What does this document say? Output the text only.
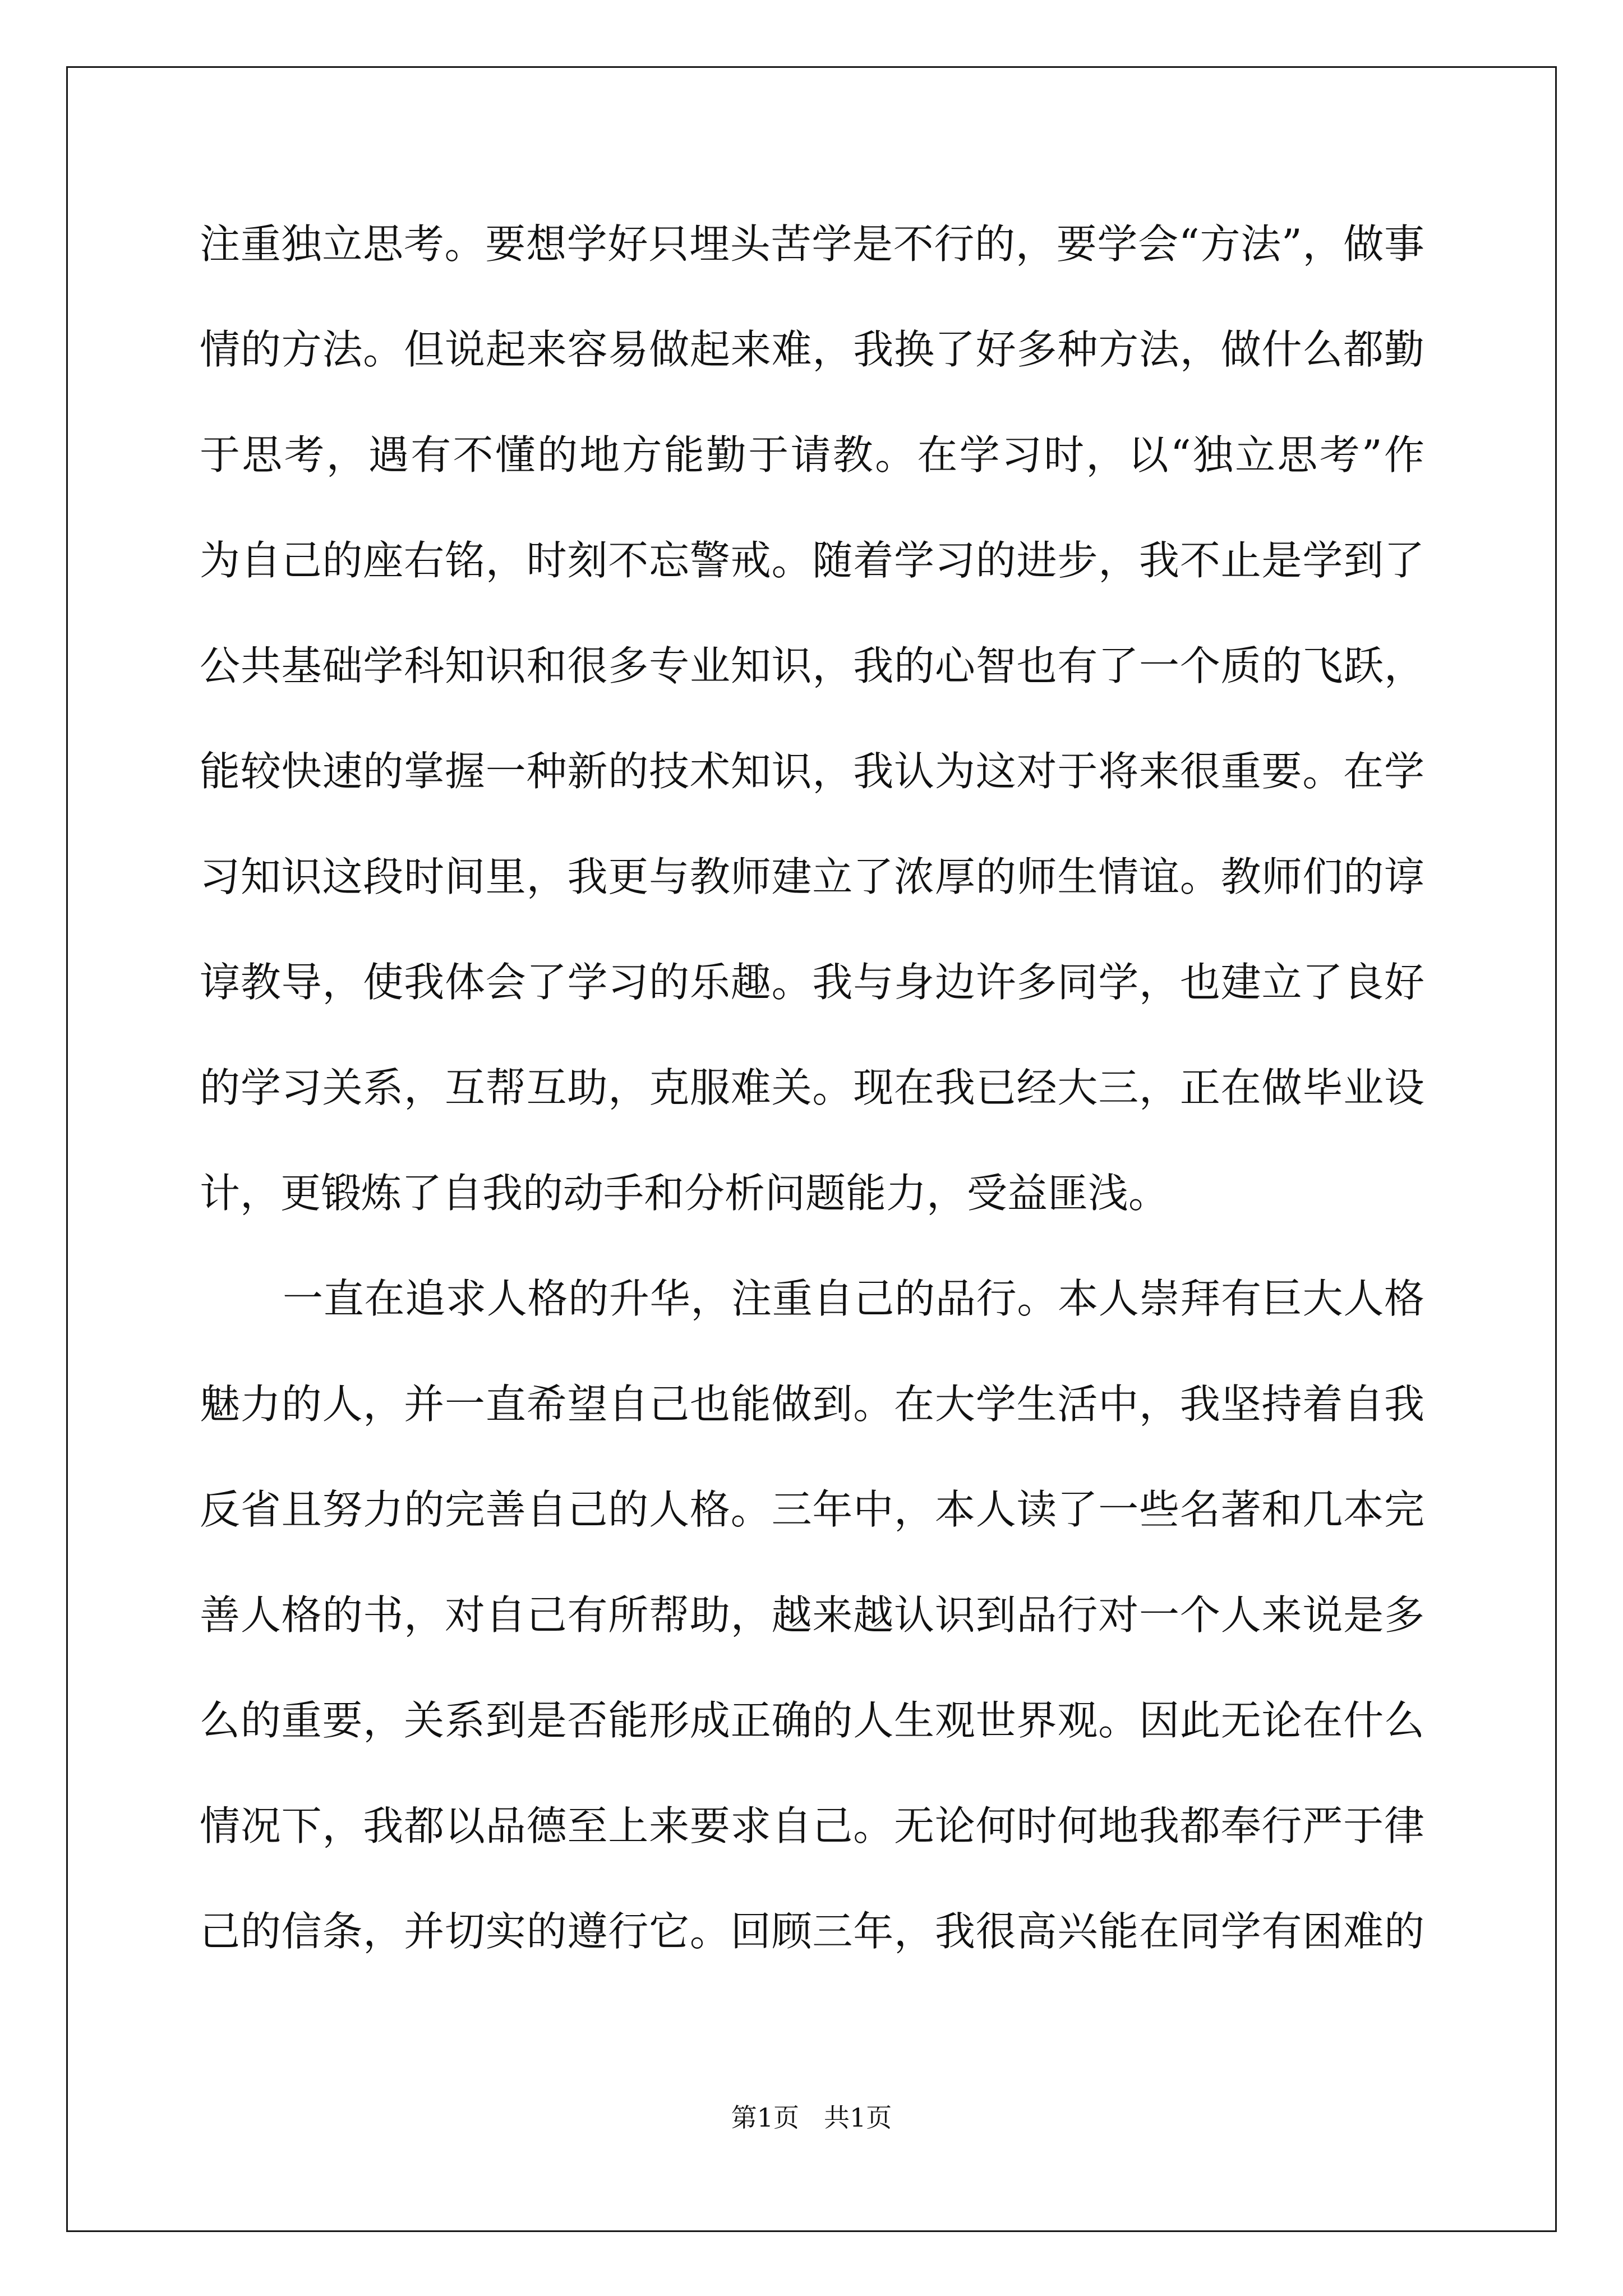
注重独立思考。要想学好只埋头苦学是不行的，要学会“方法”，做事
情的方法。但说起来容易做起来难，我换了好多种方法，做什么都勤
于思考，遇有不懂的地方能勤于请教。在学习时，以“独立思考”作
为自己的座右铭，时刻不忘警戒。随着学习的进步，我不止是学到了
公共基础学科知识和很多专业知识，我的心智也有了一个质的飞跃，
能较快速的掌握一种新的技术知识，我认为这对于将来很重要。在学
习知识这段时间里，我更与教师建立了浓厚的师生情谊。教师们的谆
谆教导，使我体会了学习的乐趣。我与身边许多同学，也建立了良好
的学习关系，互帮互助，克服难关。现在我已经大三，正在做毕业设
计，更锻炼了自我的动手和分析问题能力，受益匪浅。
一直在追求人格的升华，注重自己的品行。本人崇拜有巨大人格
魅力的人，并一直希望自己也能做到。在大学生活中，我坚持着自我
反省且努力的完善自己的人格。三年中，本人读了一些名著和几本完
善人格的书，对自己有所帮助，越来越认识到品行对一个人来说是多
么的重要，关系到是否能形成正确的人生观世界观。因此无论在什么
情况下，我都以品德至上来要求自己。无论何时何地我都奉行严于律
己的信条，并切实的遵行它。回顾三年，我很高兴能在同学有困难的
第1页 共1页
